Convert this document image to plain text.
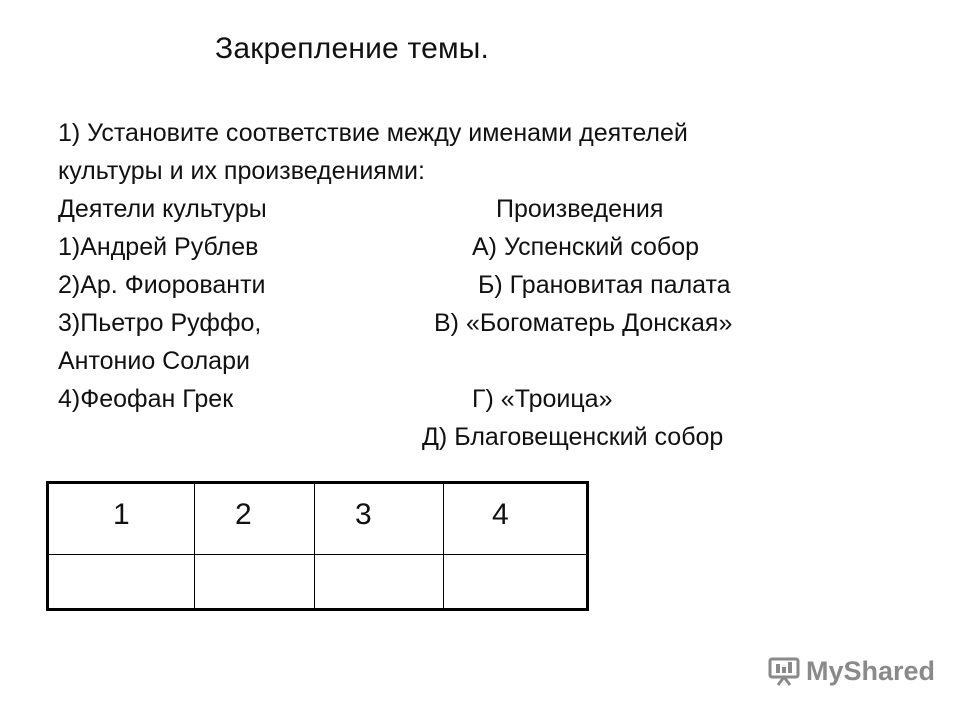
Закрепление темы.
1) Установите соответствие между именами деятелей
культуры и их произведениями:
Деятели культуры	Произведения
1)Андрей Рублев	А) Успенский собор
2)Ар. Фиорованти	Б) Грановитая палата
3)Пьетро Руффо,	В) «Богоматерь Донская»
Антонио Солари
4)Феофан Грек	Г) «Троица»
Д) Благовещенский собор
1	2	3	4

MyShared
